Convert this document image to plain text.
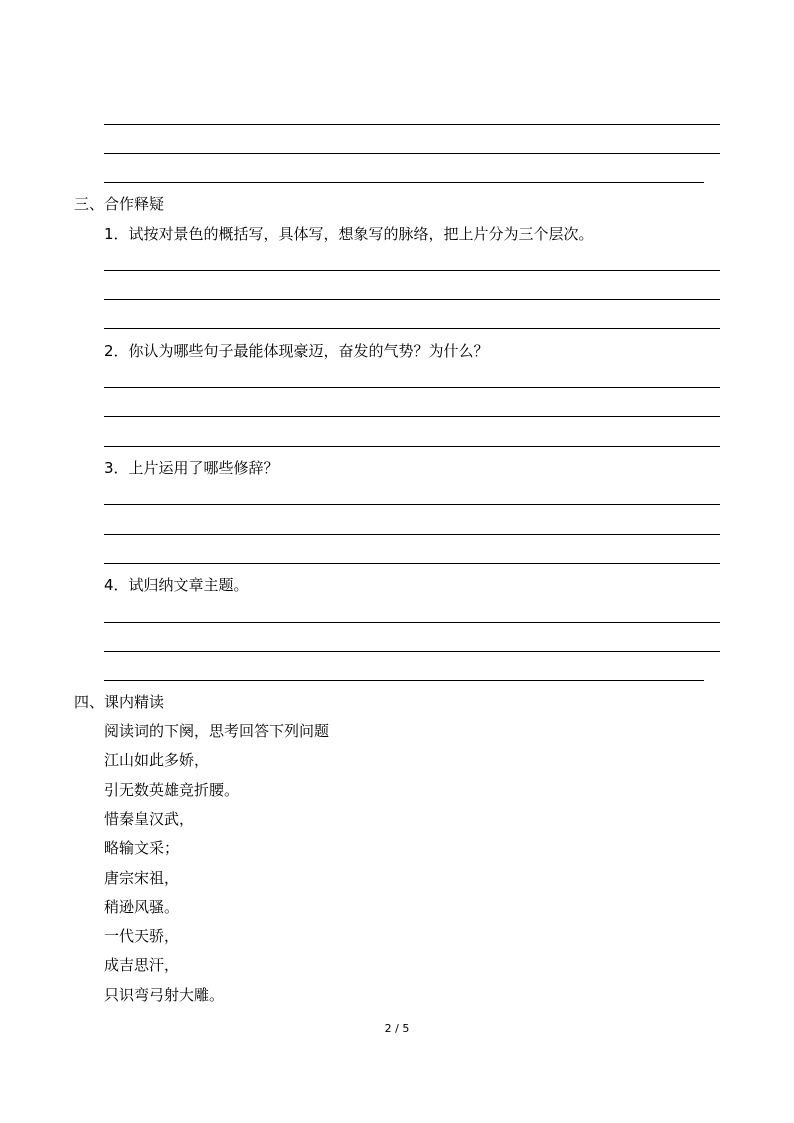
三、合作释疑
1．试按对景色的概括写，具体写，想象写的脉络，把上片分为三个层次。
2．你认为哪些句子最能体现豪迈，奋发的气势？为什么？
3．上片运用了哪些修辞？
4．试归纳文章主题。
四、课内精读
阅读词的下阕，思考回答下列问题
江山如此多娇，
引无数英雄竞折腰。
惜秦皇汉武，
略输文采；
唐宗宋祖，
稍逊风骚。
一代天骄，
成吉思汗，
只识弯弓射大雕。
2 / 5
